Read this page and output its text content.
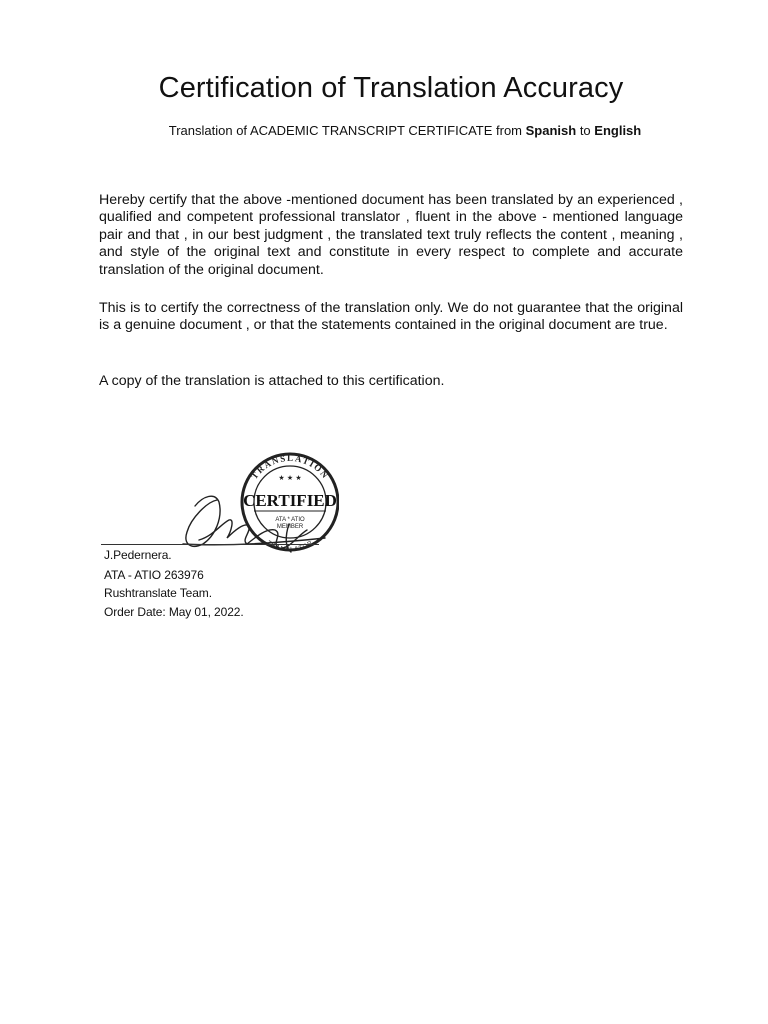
Certification of Translation Accuracy

Translation of ACADEMIC TRANSCRIPT CERTIFICATE from Spanish to English

Hereby certify that the above -mentioned document has been translated by an experienced , qualified and competent professional translator , fluent in the above - mentioned language pair and that , in our best judgment , the translated text truly reflects the content , meaning , and style of the original text and constitute in every respect to complete and accurate translation of the original document.

This is to certify the correctness of the translation only. We do not guarantee that the original is a genuine document , or that the statements contained in the original document are true.

A copy of the translation is attached to this certification.

TRANSLATION
★ ★ ★
CERTIFIED
ATA * ATIO
MEMBER
TRANSLATOR

J.Pedernera.

ATA - ATIO 263976

Rushtranslate Team.

Order Date: May 01, 2022.
